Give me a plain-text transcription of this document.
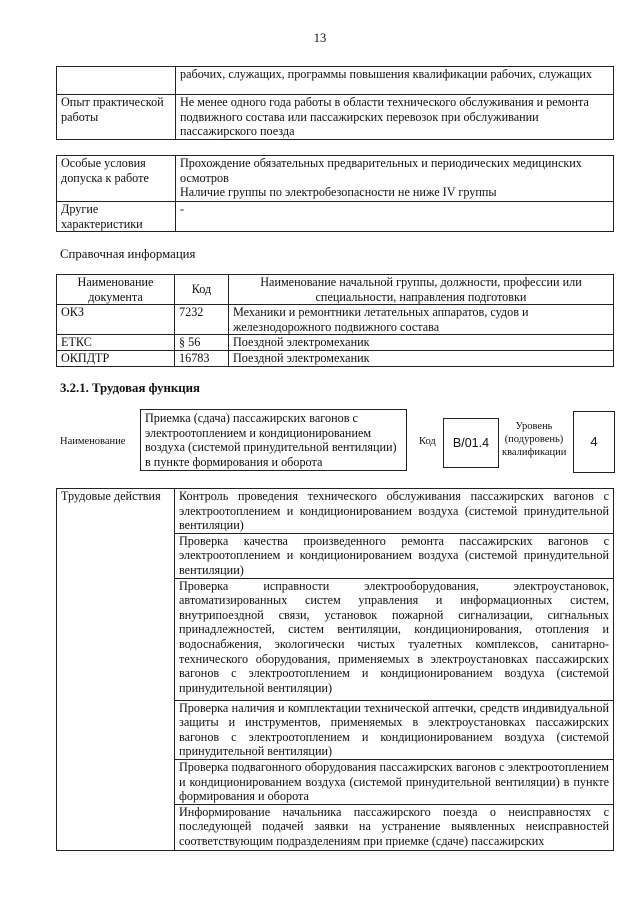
13
	рабочих, служащих, программы повышения квалификации рабочих, служащих
Опыт практической работы	Не менее одного года работы в области технического обслуживания и ремонта подвижного состава или пассажирских перевозок при обслуживании пассажирского поезда
Особые условия допуска к работе	Прохождение обязательных предварительных и периодических медицинских осмотров
Наличие группы по электробезопасности не ниже IV группы

Другие характеристики	-
Справочная информация
Наименование документа	Код	Наименование начальной группы, должности, профессии или специальности, направления подготовки
ОКЗ	7232	Механики и ремонтники летательных аппаратов, судов и железнодорожного подвижного состава
ЕТКС	§ 56	Поездной электромеханик
ОКПДТР	16783	Поездной электромеханик
3.2.1. Трудовая функция
Наименование
Приемка (сдача) пассажирских вагонов с электроотоплением и кондиционированием воздуха (системой принудительной вентиляции) в пункте формирования и оборота
Код	В/01.4
Уровень (подуровень) квалификации
4
Трудовые действия	Контроль проведения технического обслуживания пассажирских вагонов с электроотоплением и кондиционированием воздуха (системой принудительной вентиляции)
Проверка качества произведенного ремонта пассажирских вагонов с электроотоплением и кондиционированием воздуха (системой принудительной вентиляции)
Проверка исправности электрооборудования, электроустановок, автоматизированных систем управления и информационных систем, внутрипоездной связи, установок пожарной сигнализации, сигнальных принадлежностей, систем вентиляции, кондиционирования, отопления и водоснабжения, экологически чистых туалетных комплексов, санитарно-технического оборудования, применяемых в электроустановках пассажирских вагонов с электроотоплением и кондиционированием воздуха (системой принудительной вентиляции)
Проверка наличия и комплектации технической аптечки, средств индивидуальной защиты и инструментов, применяемых в электроустановках пассажирских вагонов с электроотоплением и кондиционированием воздуха (системой принудительной вентиляции)
Проверка подвагонного оборудования пассажирских вагонов с электроотоплением и кондиционированием воздуха (системой принудительной вентиляции) в пункте формирования и оборота
Информирование начальника пассажирского поезда о неисправностях с последующей подачей заявки на устранение выявленных неисправностей соответствующим подразделениям при приемке (сдаче) пассажирских
